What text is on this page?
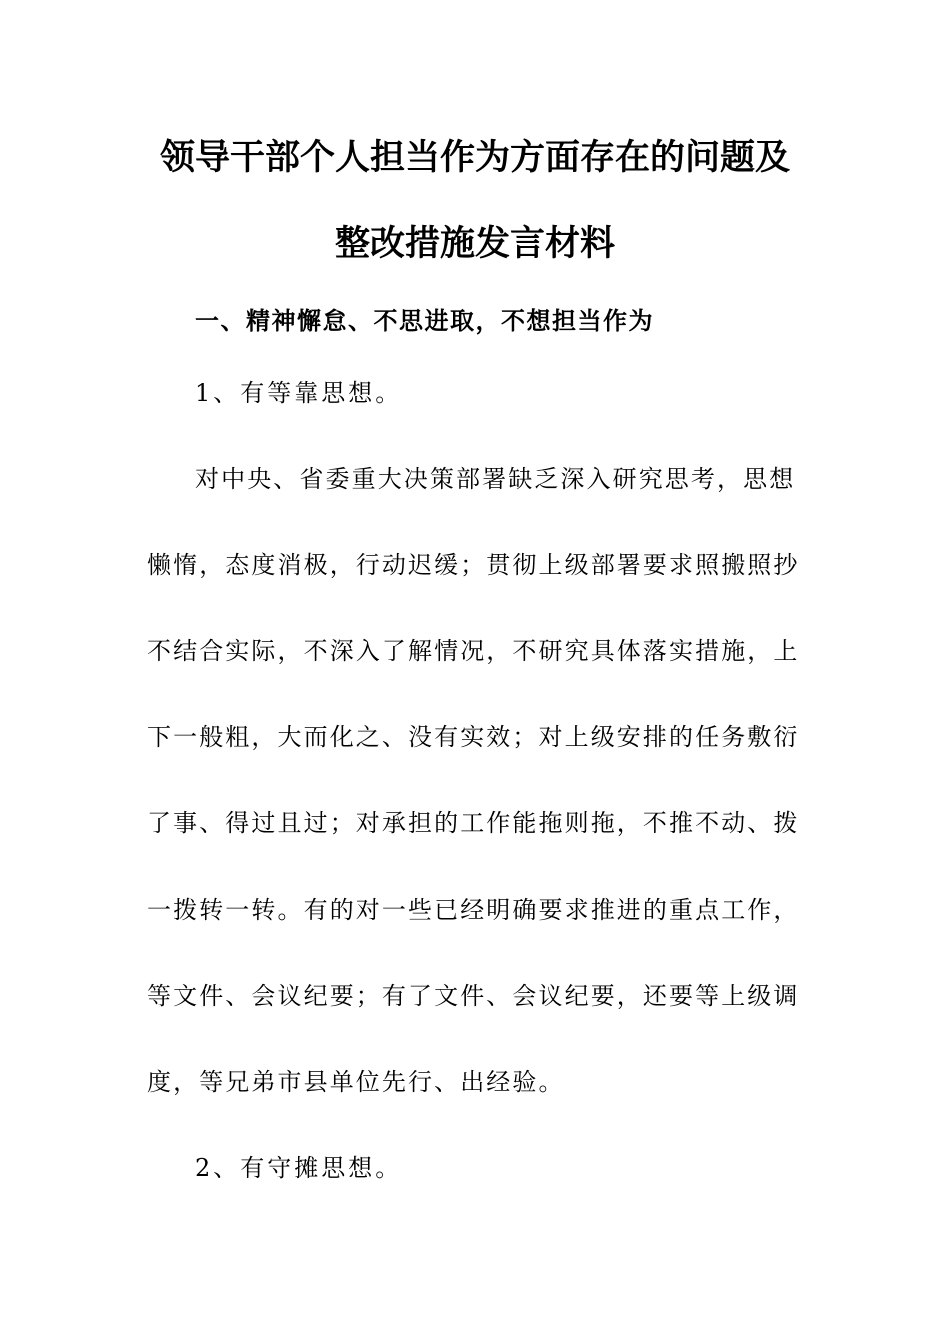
领导干部个人担当作为方面存在的问题及
整改措施发言材料
一、精神懈怠、不思进取，不想担当作为
1、有等靠思想。
对中央、省委重大决策部署缺乏深入研究思考，思想
懒惰，态度消极，行动迟缓；贯彻上级部署要求照搬照抄
不结合实际，不深入了解情况，不研究具体落实措施，上
下一般粗，大而化之、没有实效；对上级安排的任务敷衍
了事、得过且过；对承担的工作能拖则拖，不推不动、拨
一拨转一转。有的对一些已经明确要求推进的重点工作，
等文件、会议纪要；有了文件、会议纪要，还要等上级调
度，等兄弟市县单位先行、出经验。
2、有守摊思想。
